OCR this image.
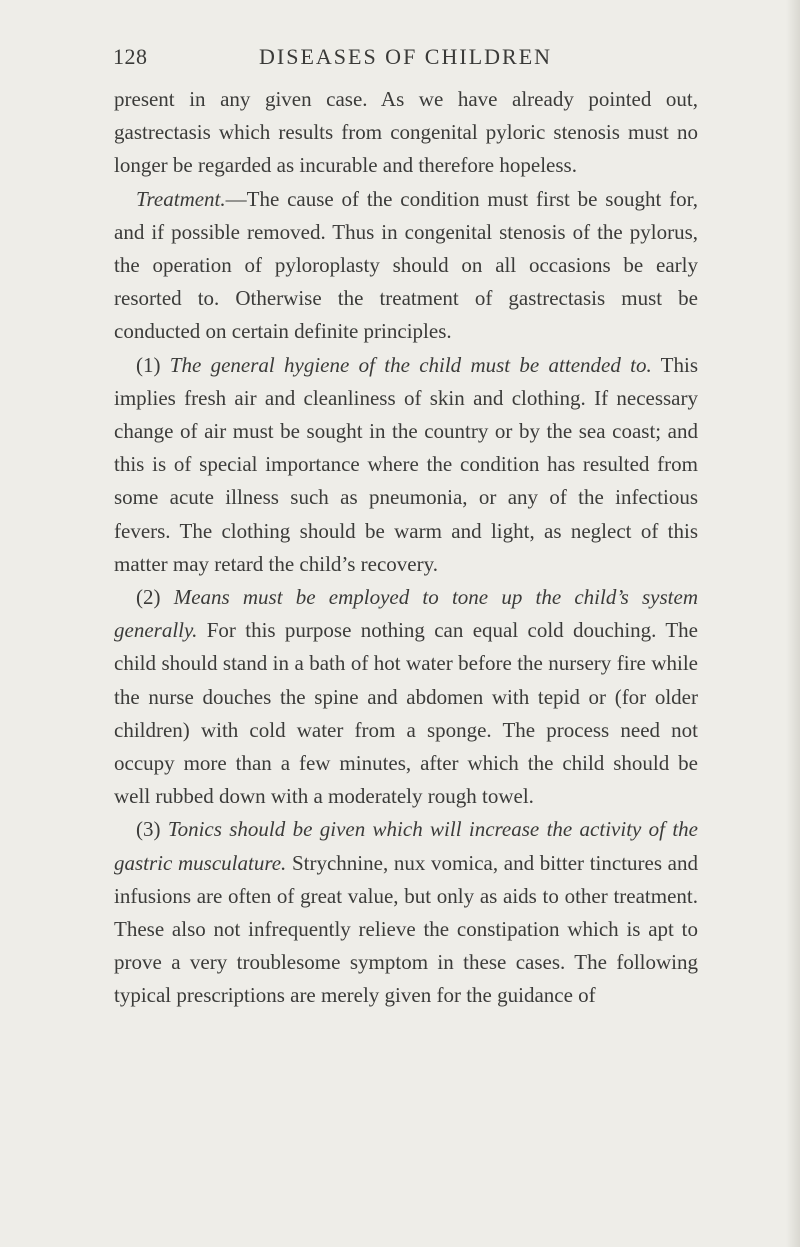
128	DISEASES OF CHILDREN

present in any given case. As we have already pointed out, gastrectasis which results from congenital pyloric stenosis must no longer be regarded as incurable and therefore hopeless.

Treatment.—The cause of the condition must first be sought for, and if possible removed. Thus in congenital stenosis of the pylorus, the operation of pyloroplasty should on all occasions be early resorted to. Otherwise the treatment of gastrectasis must be conducted on certain definite principles.

(1) The general hygiene of the child must be attended to. This implies fresh air and cleanliness of skin and clothing. If necessary change of air must be sought in the country or by the sea coast; and this is of special importance where the condition has resulted from some acute illness such as pneumonia, or any of the infectious fevers. The clothing should be warm and light, as neglect of this matter may retard the child’s recovery.

(2) Means must be employed to tone up the child’s system generally. For this purpose nothing can equal cold douching. The child should stand in a bath of hot water before the nursery fire while the nurse douches the spine and abdomen with tepid or (for older children) with cold water from a sponge. The process need not occupy more than a few minutes, after which the child should be well rubbed down with a moderately rough towel.

(3) Tonics should be given which will increase the activity of the gastric musculature. Strychnine, nux vomica, and bitter tinctures and infusions are often of great value, but only as aids to other treatment. These also not infrequently relieve the constipation which is apt to prove a very troublesome symptom in these cases. The following typical prescriptions are merely given for the guidance of
